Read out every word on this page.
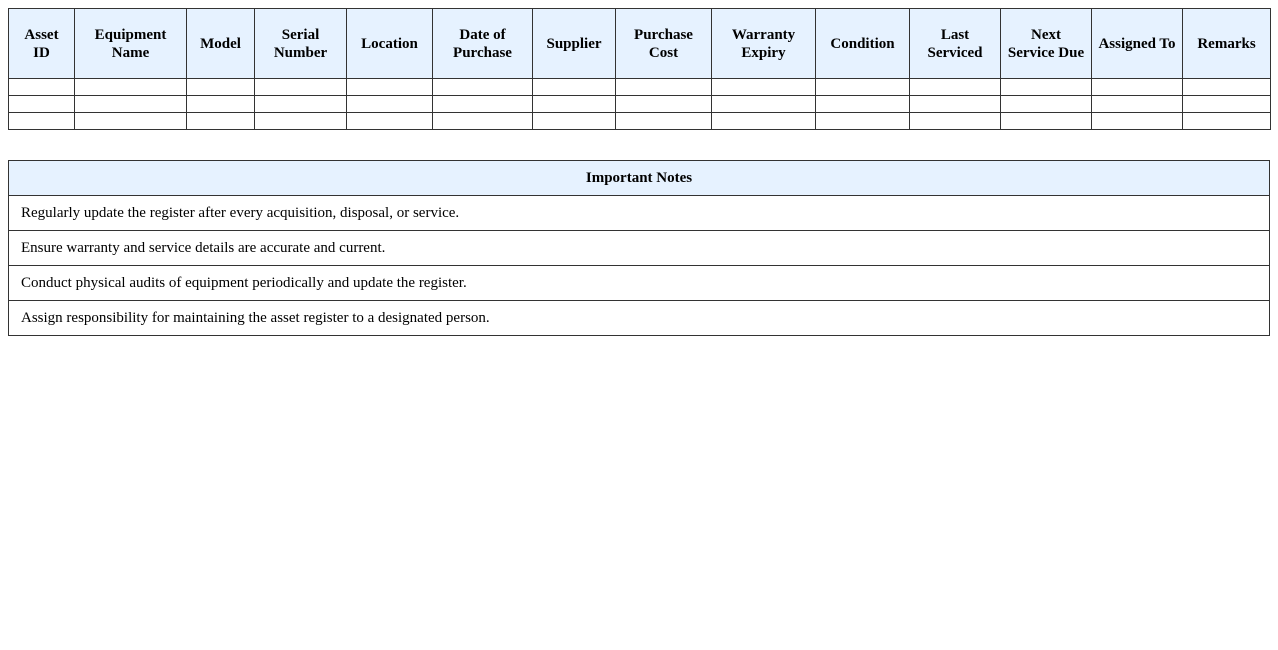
Asset ID	Equipment Name	Model	Serial Number	Location	Date of Purchase	Supplier	Purchase Cost	Warranty Expiry	Condition	Last Serviced	Next Service Due	Assigned To	Remarks

Important Notes
Regularly update the register after every acquisition, disposal, or service.
Ensure warranty and service details are accurate and current.
Conduct physical audits of equipment periodically and update the register.
Assign responsibility for maintaining the asset register to a designated person.
